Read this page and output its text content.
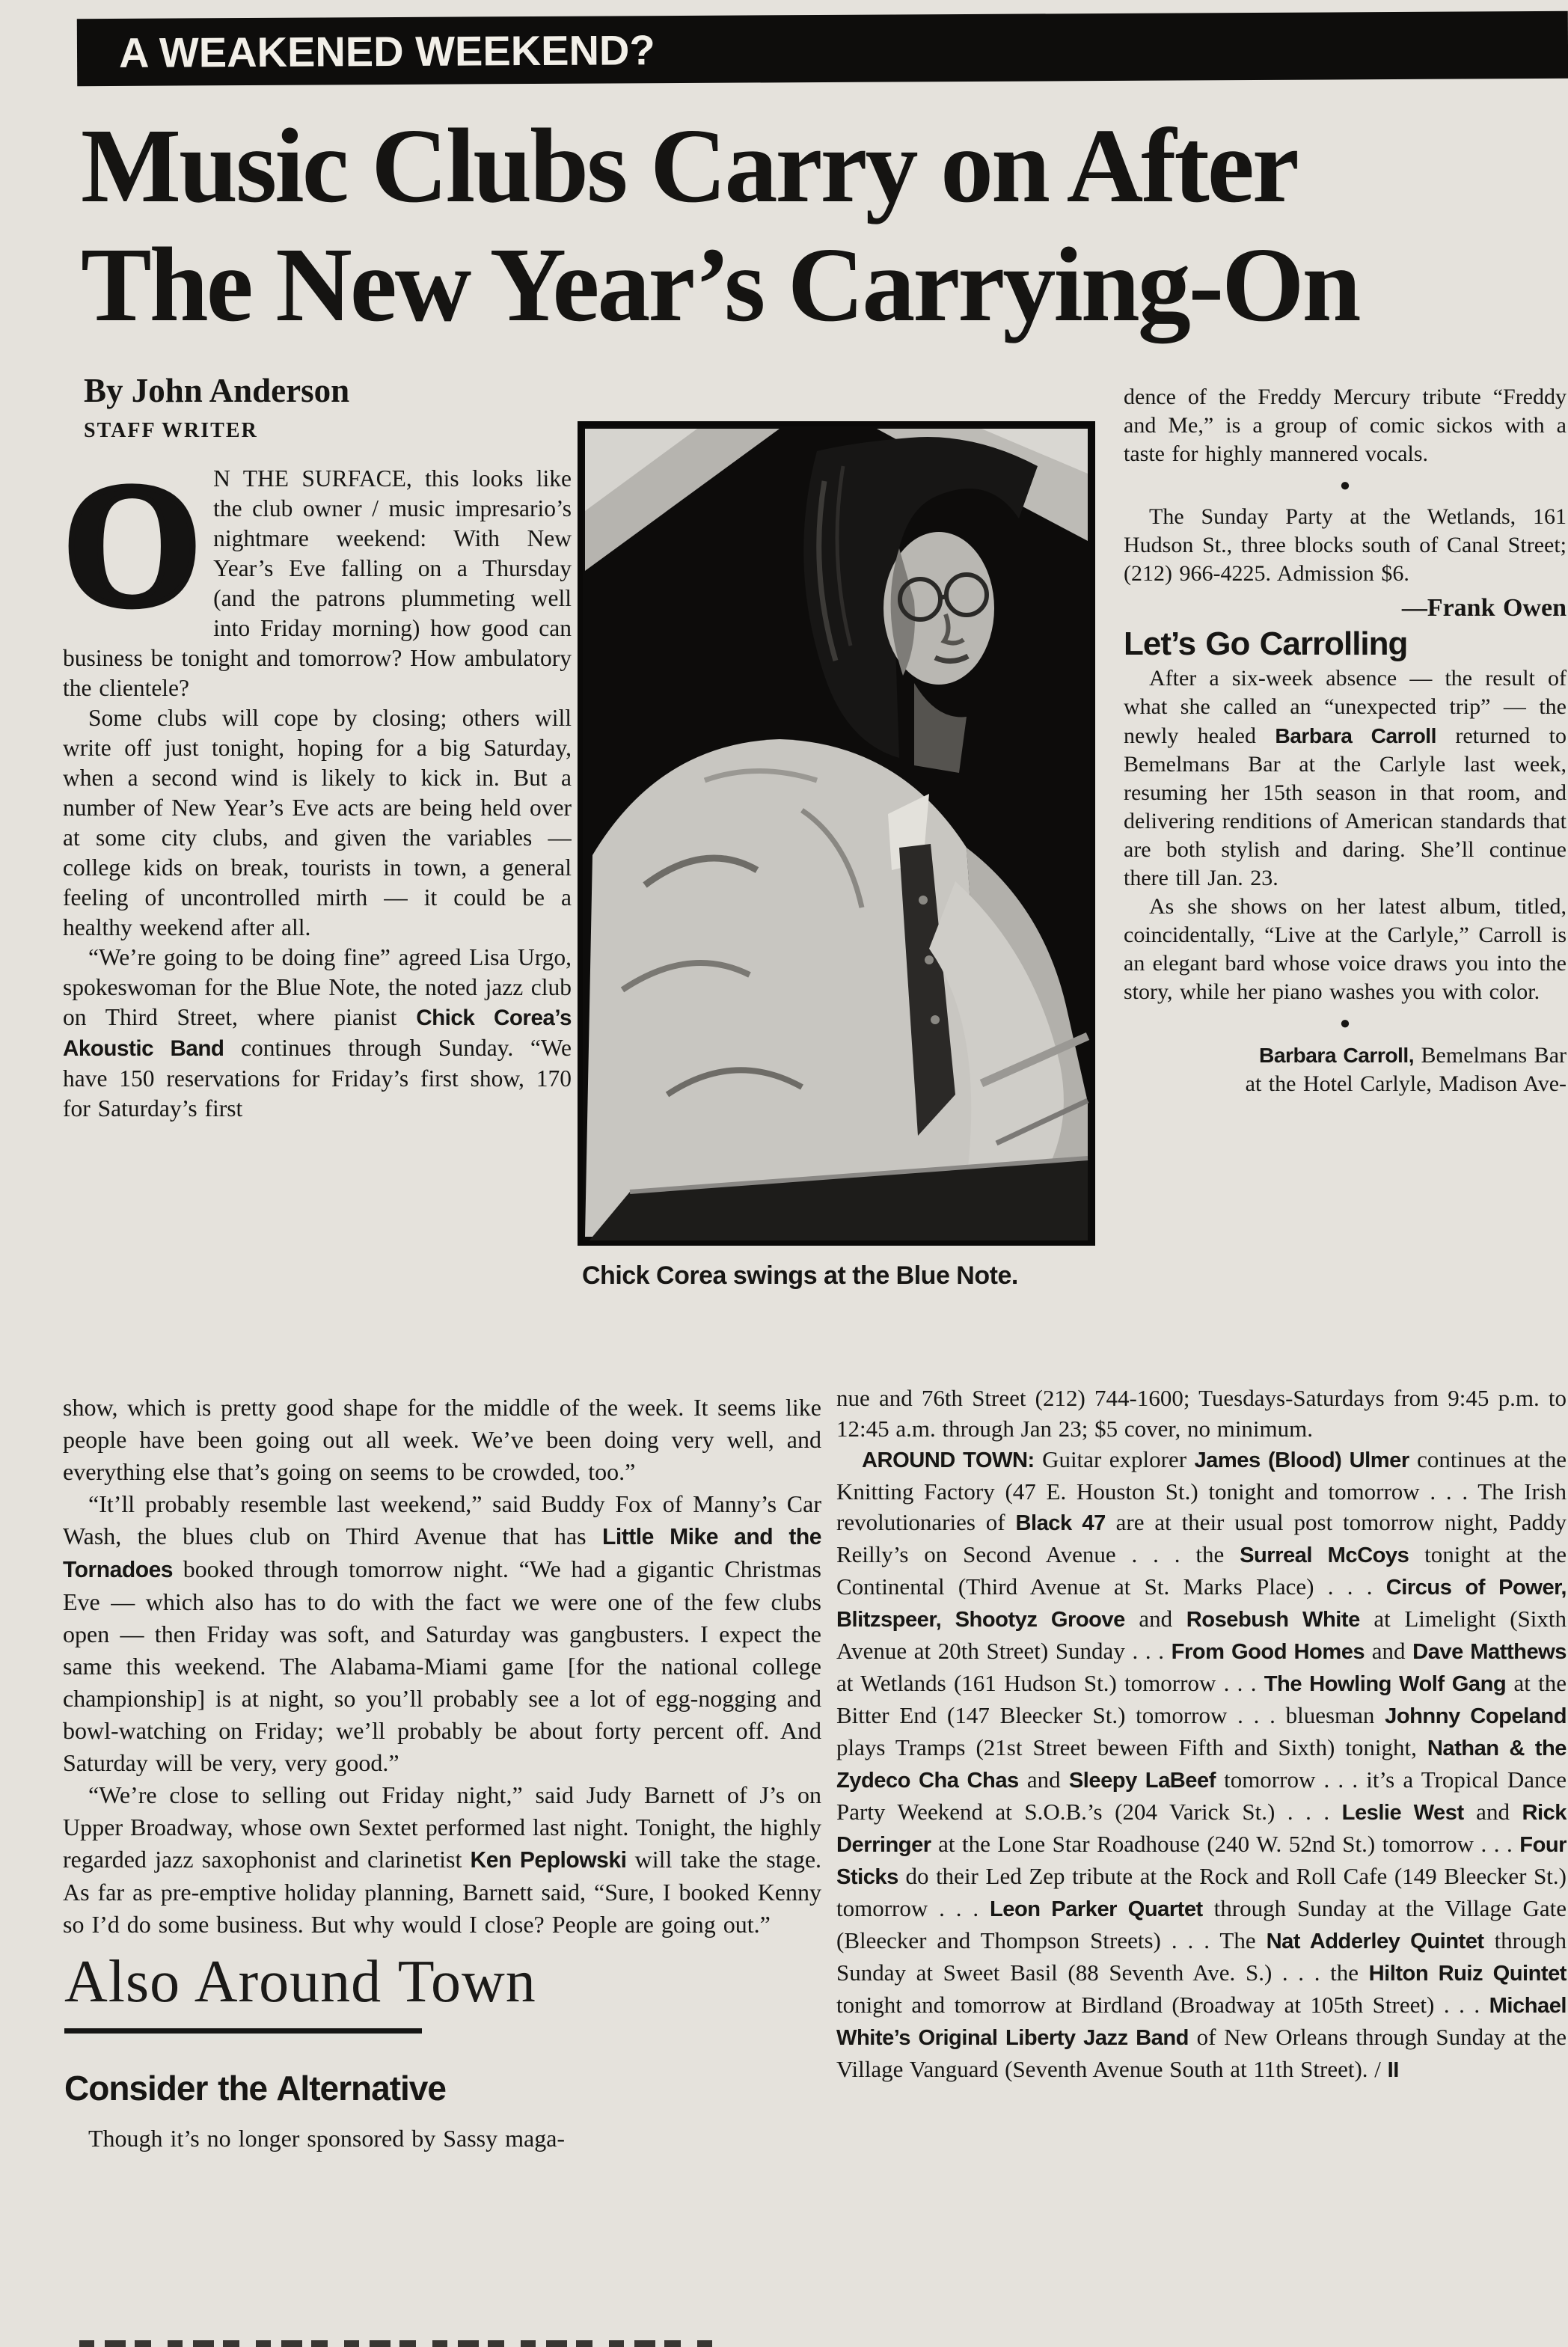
A WEAKENED WEEKEND?
Music Clubs Carry on After
The New Year’s Carrying-On
By John Anderson
STAFF WRITER

O N THE SURFACE, this looks like the club owner / music impresario’s nightmare weekend: With New Year’s Eve falling on a Thursday (and the patrons plummeting well into Friday morning) how good can business be tonight and tomorrow? How ambulatory the clientele?

Some clubs will cope by closing; others will write off just tonight, hoping for a big Saturday, when a second wind is likely to kick in. But a number of New Year’s Eve acts are being held over at some city clubs, and given the variables — college kids on break, tourists in town, a general feeling of uncontrolled mirth — it could be a healthy weekend after all.

“We’re going to be doing fine” agreed Lisa Urgo, spokeswoman for the Blue Note, the noted jazz club on Third Street, where pianist Chick Corea’s Akoustic Band continues through Sunday. “We have 150 reservations for Friday’s first show, 170 for Saturday’s first

Chick Corea swings at the Blue Note.

dence of the Freddy Mercury tribute “Freddy and Me,” is a group of comic sickos with a taste for highly mannered vocals.

●

The Sunday Party at the Wetlands, 161 Hudson St., three blocks south of Canal Street; (212) 966-4225. Admission $6.

—Frank Owen
Let’s Go Carrolling

After a six-week absence — the result of what she called an “unexpected trip” — the newly healed Barbara Carroll returned to Bemelmans Bar at the Carlyle last week, resuming her 15th season in that room, and delivering renditions of American standards that are both stylish and daring. She’ll continue there till Jan. 23.

As she shows on her latest album, titled, coincidentally, “Live at the Carlyle,” Carroll is an elegant bard whose voice draws you into the story, while her piano washes you with color.

●
Barbara Carroll, Bemelmans Bar
at the Hotel Carlyle, Madison Ave-

show, which is pretty good shape for the middle of the week. It seems like people have been going out all week. We’ve been doing very well, and everything else that’s going on seems to be crowded, too.”

“It’ll probably resemble last weekend,” said Buddy Fox of Manny’s Car Wash, the blues club on Third Avenue that has Little Mike and the Tornadoes booked through tomorrow night. “We had a gigantic Christmas Eve — which also has to do with the fact we were one of the few clubs open — then Friday was soft, and Saturday was gangbusters. I expect the same this weekend. The Alabama-Miami game [for the national college championship] is at night, so you’ll probably see a lot of egg-nogging and bowl-watching on Friday; we’ll probably be about forty percent off. And Saturday will be very, very good.”

“We’re close to selling out Friday night,” said Judy Barnett of J’s on Upper Broadway, whose own Sextet performed last night. Tonight, the highly regarded jazz saxophonist and clarinetist Ken Peplowski will take the stage. As far as pre-emptive holiday planning, Barnett said, “Sure, I booked Kenny so I’d do some business. But why would I close? People are going out.”

Also Around Town
Consider the Alternative

Though it’s no longer sponsored by Sassy maga-

nue and 76th Street (212) 744-1600; Tuesdays-Saturdays from 9:45 p.m. to 12:45 a.m. through Jan 23; $5 cover, no minimum.

AROUND TOWN: Guitar explorer James (Blood) Ulmer continues at the Knitting Factory (47 E. Houston St.) tonight and tomorrow . . . The Irish revolutionaries of Black 47 are at their usual post tomorrow night, Paddy Reilly’s on Second Avenue . . . the Surreal McCoys tonight at the Continental (Third Avenue at St. Marks Place) . . . Circus of Power, Blitzspeer, Shootyz Groove and Rosebush White at Limelight (Sixth Avenue at 20th Street) Sunday . . . From Good Homes and Dave Matthews at Wetlands (161 Hudson St.) tomorrow . . . The Howling Wolf Gang at the Bitter End (147 Bleecker St.) tomorrow . . . bluesman Johnny Copeland plays Tramps (21st Street beween Fifth and Sixth) tonight, Nathan & the Zydeco Cha Chas and Sleepy LaBeef tomorrow . . . it’s a Tropical Dance Party Weekend at S.O.B.’s (204 Varick St.) . . . Leslie West and Rick Derringer at the Lone Star Roadhouse (240 W. 52nd St.) tomorrow . . . Four Sticks do their Led Zep tribute at the Rock and Roll Cafe (149 Bleecker St.) tomorrow . . . Leon Parker Quartet through Sunday at the Village Gate (Bleecker and Thompson Streets) . . . The Nat Adderley Quintet through Sunday at Sweet Basil (88 Seventh Ave. S.) . . . the Hilton Ruiz Quintet tonight and tomorrow at Birdland (Broadway at 105th Street) . . . Michael White’s Original Liberty Jazz Band of New Orleans through Sunday at the Village Vanguard (Seventh Avenue South at 11th Street). / II
